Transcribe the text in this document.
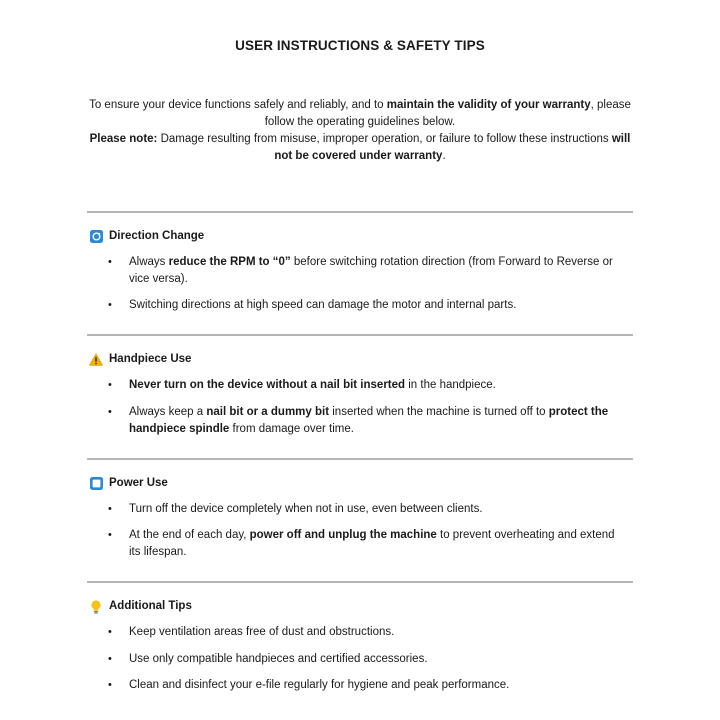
USER INSTRUCTIONS & SAFETY TIPS

To ensure your device functions safely and reliably, and to maintain the validity of your warranty, please follow the operating guidelines below.

Please note: Damage resulting from misuse, improper operation, or failure to follow these instructions will not be covered under warranty.

Direction Change
•	Always reduce the RPM to “0” before switching rotation direction (from Forward to Reverse or vice versa).
•	Switching directions at high speed can damage the motor and internal parts.
Handpiece Use
•	Never turn on the device without a nail bit inserted in the handpiece.
•	Always keep a nail bit or a dummy bit inserted when the machine is turned off to protect the handpiece spindle from damage over time.
Power Use
•	Turn off the device completely when not in use, even between clients.
•	At the end of each day, power off and unplug the machine to prevent overheating and extend its lifespan.
Additional Tips
•	Keep ventilation areas free of dust and obstructions.
•	Use only compatible handpieces and certified accessories.
•	Clean and disinfect your e-file regularly for hygiene and peak performance.
